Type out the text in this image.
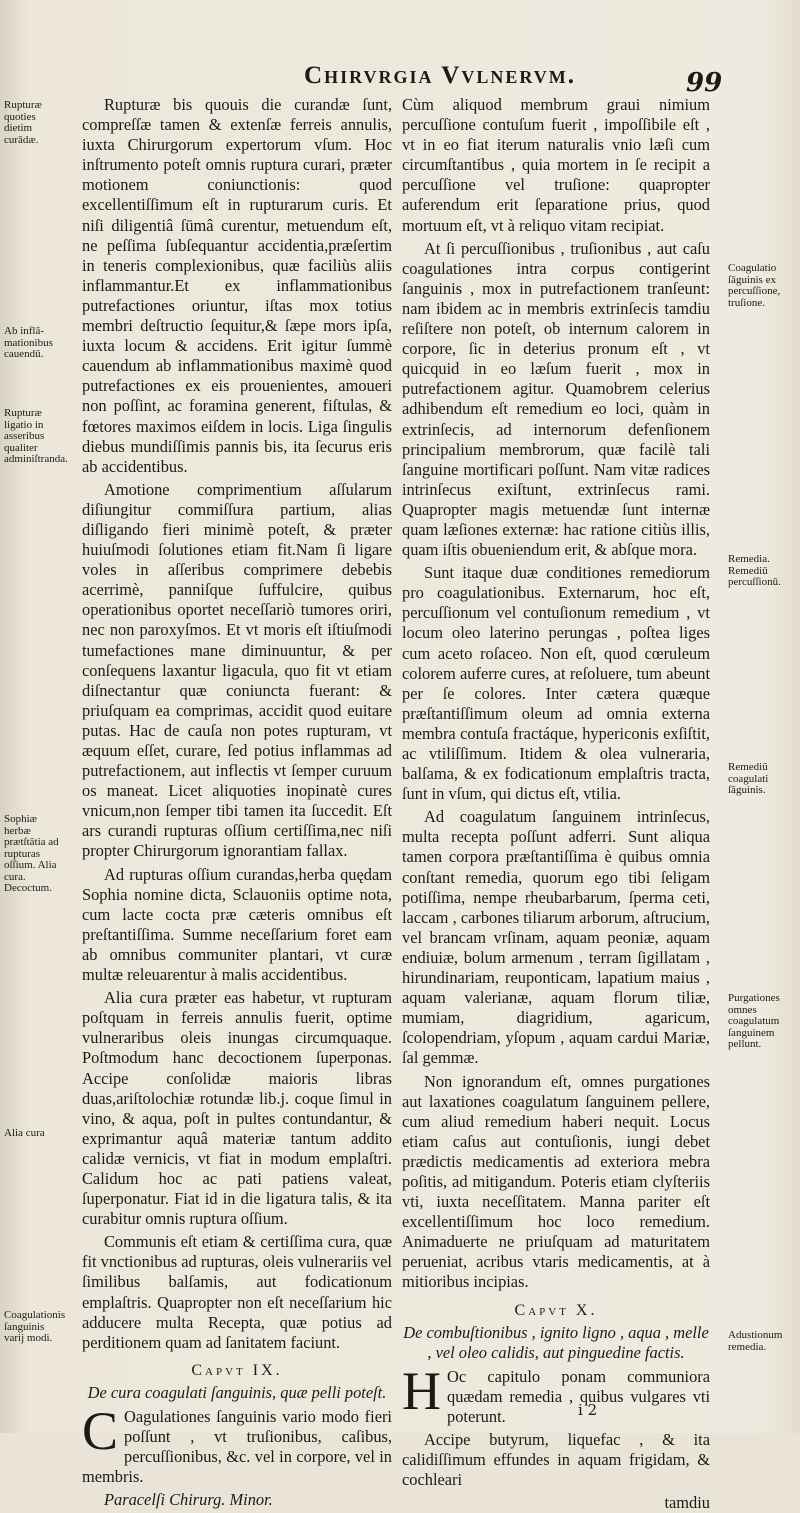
Chirvrgia Vvlnervm.	99
Rupturæ quoties dietim curādæ.
Ab inflāmationibus cauendū.
Rupturæ ligatio in asseribus qualiter adminiſtranda.
Sophiæ herbæ prætſtātia ad rupturas oſſium. Alia cura. Decoctum.
Alia cura
Coagulationis ſanguinis varij modi.
Coagulatio ſāguinis ex percuſſione, truſione.
Remedia. Remediū percuſſionū.
Remediū coagulati ſāguinis.
Purgationes omnes coagulatum ſanguinem pellunt.
Adustionum remedia.

Rupturæ bis quouis die curandæ ſunt, compreſſæ tamen & extenſæ ferreis annulis, iuxta Chirurgorum expertorum vſum. Hoc inſtrumento poteſt omnis ruptura curari, præter motionem coniunctionis: quod excellentiſſimum eſt in rupturarum curis. Et niſi diligentiâ ſūmâ curentur, metuendum eſt, ne peſſima ſubſequantur accidentia,præſertim in teneris complexionibus, quæ faciliùs aliis inflammantur.Et ex inflammationibus putrefactiones oriuntur, iſtas mox totius membri deſtructio ſequitur,& ſæpe mors ipſa, iuxta locum & accidens. Erit igitur ſummè cauendum ab inflammationibus maximè quod putrefactiones ex eis prouenientes, amoueri non poſſint, ac foramina generent, fiſtulas, & fœtores maximos eiſdem in locis. Liga ſingulis diebus mundiſſimis pannis bis, ita ſecurus eris ab accidentibus.

Amotione comprimentium aſſularum diſiungitur commiſſura partium, alias diſligando fieri minimè poteſt, & præter huiuſmodi ſolutiones etiam fit.Nam ſi ligare voles in aſſeribus comprimere debebis acerrimè, panniſque ſuffulcire, quibus operationibus oportet neceſſariò tumores oriri, nec non paroxyſmos. Et vt moris eſt iſtiuſmodi tumefactiones mane diminuuntur, & per conſequens laxantur ligacula, quo fit vt etiam diſnectantur quæ coniuncta fuerant: & priuſquam ea comprimas, accidit quod euitare putas. Hac de cauſa non potes rupturam, vt æquum eſſet, curare, ſed potius inflammas ad putrefactionem, aut inflectis vt ſemper curuum os maneat. Licet aliquoties inopinatè cures vnicum,non ſemper tibi tamen ita ſuccedit. Eſt ars curandi rupturas oſſium certiſſima,nec niſi propter Chirurgorum ignorantiam fallax.

Ad rupturas oſſium curandas,herba quędam Sophia nomine dicta, Sclauoniis optime nota, cum lacte cocta præ cæteris omnibus eſt preſtantiſſima. Summe neceſſarium foret eam ab omnibus communiter plantari, vt curæ multæ releuarentur à malis accidentibus.

Alia cura præter eas habetur, vt rupturam poſtquam in ferreis annulis fuerit, optime vulneraribus oleis inungas circumquaque. Poſtmodum hanc decoctionem ſuperponas. Accipe conſolidæ maioris libras duas,ariſtolochiæ rotundæ lib.j. coque ſimul in vino, & aqua, poſt in pultes contundantur, & exprimantur aquâ materiæ tantum addito calidæ vernicis, vt fiat in modum emplaſtri. Calidum hoc ac pati patiens valeat, ſuperponatur. Fiat id in die ligatura talis, & ita curabitur omnis ruptura oſſium.

Communis eſt etiam & certiſſima cura, quæ fit vnctionibus ad rupturas, oleis vulnerariis vel ſimilibus balſamis, aut fodicationum emplaſtris. Quapropter non eſt neceſſarium hic adducere multa Recepta, quæ potius ad perditionem quam ad ſanitatem faciunt.

Capvt IX.
De cura coagulati ſanguinis, quæ pelli poteſt.

C Oagulationes ſanguinis vario modo fieri poſſunt , vt truſionibus, caſibus, percuſſionibus, &c. vel in corpore, vel in membris.

Paracelſi Chirurg. Minor.

Cùm aliquod membrum graui nimium percuſſione contuſum fuerit , impoſſibile eſt , vt in eo fiat iterum naturalis vnio læſi cum circumſtantibus , quia mortem in ſe recipit a percuſſione vel truſione: quapropter auferendum erit ſeparatione prius, quod mortuum eſt, vt à reliquo vitam recipiat.

At ſi percuſſionibus , truſionibus , aut caſu coagulationes intra corpus contigerint ſanguinis , mox in putrefactionem tranſeunt: nam ibidem ac in membris extrinſecis tamdiu reſiſtere non poteſt, ob internum calorem in corpore, ſic in deterius pronum eſt , vt quicquid in eo læſum fuerit , mox in putrefactionem agitur. Quamobrem celerius adhibendum eſt remedium eo loci, quàm in extrinſecis, ad internorum defenſionem principalium membrorum, quæ facilè tali ſanguine mortificari poſſunt. Nam vitæ radices intrinſecus exiſtunt, extrinſecus rami. Quapropter magis metuendæ ſunt internæ quam læſiones externæ: hac ratione citiùs illis, quam iſtis obueniendum erit, & abſque mora.

Sunt itaque duæ conditiones remediorum pro coagulationibus. Externarum, hoc eſt, percuſſionum vel contuſionum remedium , vt locum oleo laterino perungas , poſtea liges cum aceto roſaceo. Non eſt, quod cœruleum colorem auferre cures, at reſoluere, tum abeunt per ſe colores. Inter cætera quæque præſtantiſſimum oleum ad omnia externa membra contuſa fractáque, hypericonis exſiſtit, ac vtiliſſimum. Itidem & olea vulneraria, balſama, & ex fodicationum emplaſtris tracta, ſunt in vſum, qui dictus eſt, vtilia.

Ad coagulatum ſanguinem intrinſecus, multa recepta poſſunt adferri. Sunt aliqua tamen corpora præſtantiſſima è quibus omnia conſtant remedia, quorum ego tibi ſeligam potiſſima, nempe rheubarbarum, ſperma ceti, laccam , carbones tiliarum arborum, aſtrucium, vel brancam vrſinam, aquam peoniæ, aquam endiuiæ, bolum armenum , terram ſigillatam , hirundinariam, reuponticam, lapatium maius , aquam valerianæ, aquam florum tiliæ, mumiam, diagridium, agaricum, ſcolopendriam, yſopum , aquam cardui Mariæ, ſal gemmæ.

Non ignorandum eſt, omnes purgationes aut laxationes coagulatum ſanguinem pellere, cum aliud remedium haberi nequit. Locus etiam caſus aut contuſionis, iungi debet prædictis medicamentis ad exteriora mebra poſitis, ad mitigandum. Poteris etiam clyſteriis vti, iuxta neceſſitatem. Manna pariter eſt excellentiſſimum hoc loco remedium. Animaduerte ne priuſquam ad maturitatem perueniat, acribus vtaris medicamentis, at à mitioribus incipias.

Capvt X.
De combuſtionibus , ignito ligno , aqua , melle , vel oleo calidis, aut pinguedine factis.

H Oc capitulo ponam communiora quædam remedia , quibus vulgares vti poterunt.

Accipe butyrum, liquefac , & ita calidiſſimum effundes in aquam frigidam, & cochleari

tamdiu
i 2
